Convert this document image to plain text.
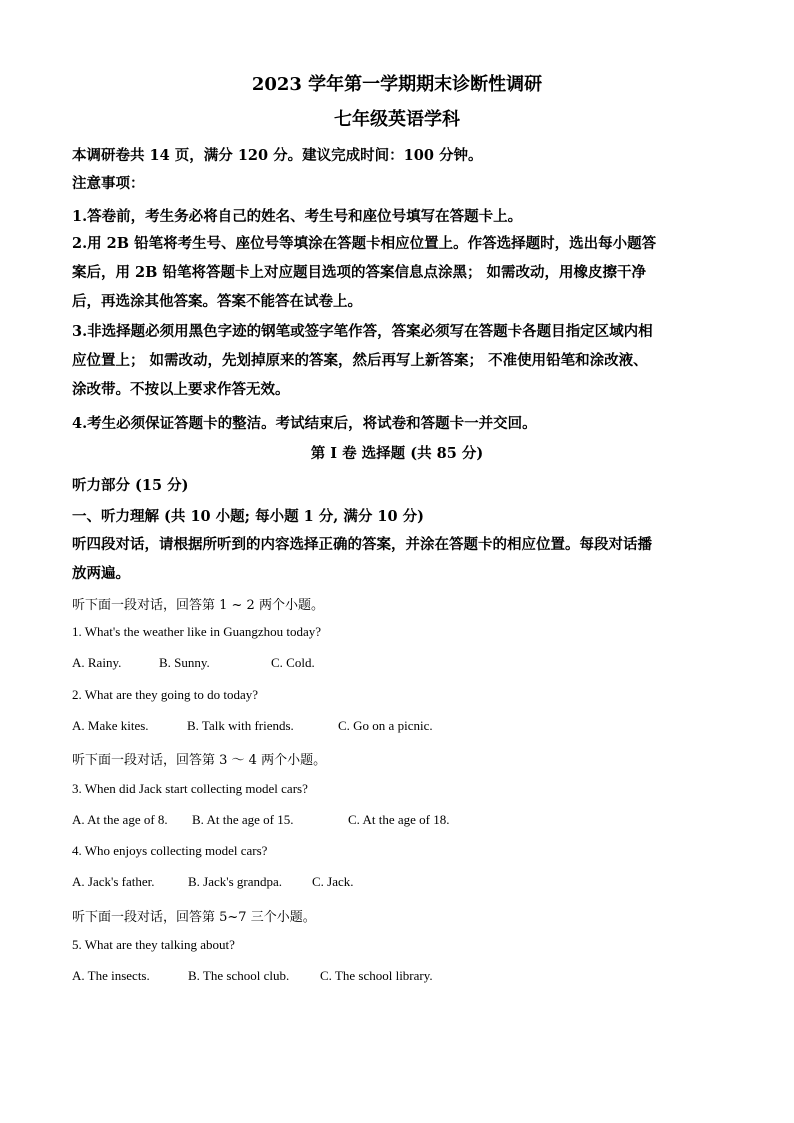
2023 学年第一学期期末诊断性调研
七年级英语学科
本调研卷共 14 页，满分 120 分。建议完成时间：100 分钟。
注意事项：
1.答卷前，考生务必将自己的姓名、考生号和座位号填写在答题卡上。
2.用 2B 铅笔将考生号、座位号等填涂在答题卡相应位置上。作答选择题时，选出每小题答
案后，用 2B 铅笔将答题卡上对应题目选项的答案信息点涂黑； 如需改动，用橡皮擦干净
后，再选涂其他答案。答案不能答在试卷上。
3.非选择题必须用黑色字迹的钢笔或签字笔作答，答案必须写在答题卡各题目指定区域内相
应位置上； 如需改动，先划掉原来的答案，然后再写上新答案； 不准使用铅笔和涂改液、
涂改带。不按以上要求作答无效。
4.考生必须保证答题卡的整洁。考试结束后，将试卷和答题卡一并交回。
第 I 卷 选择题 (共 85 分)
听力部分 (15 分)
一、听力理解 (共 10 小题; 每小题 1 分, 满分 10 分)
听四段对话，请根据所听到的内容选择正确的答案，并涂在答题卡的相应位置。每段对话播
放两遍。
听下面一段对话，回答第 1 ~ 2 两个小题。
1. What's the weather like in Guangzhou today?
A. Rainy.	B. Sunny.	C. Cold.
2. What are they going to do today?
A. Make kites.	B. Talk with friends.	C. Go on a picnic.
听下面一段对话，回答第 3 ～ 4 两个小题。
3. When did Jack start collecting model cars?
A. At the age of 8. B. At the age of 15.	C. At the age of 18.
4. Who enjoys collecting model cars?
A. Jack's father.	B. Jack's grandpa. C. Jack.
听下面一段对话，回答第 5~7 三个小题。
5. What are they talking about?
A. The insects.	B. The school club. C. The school library.
